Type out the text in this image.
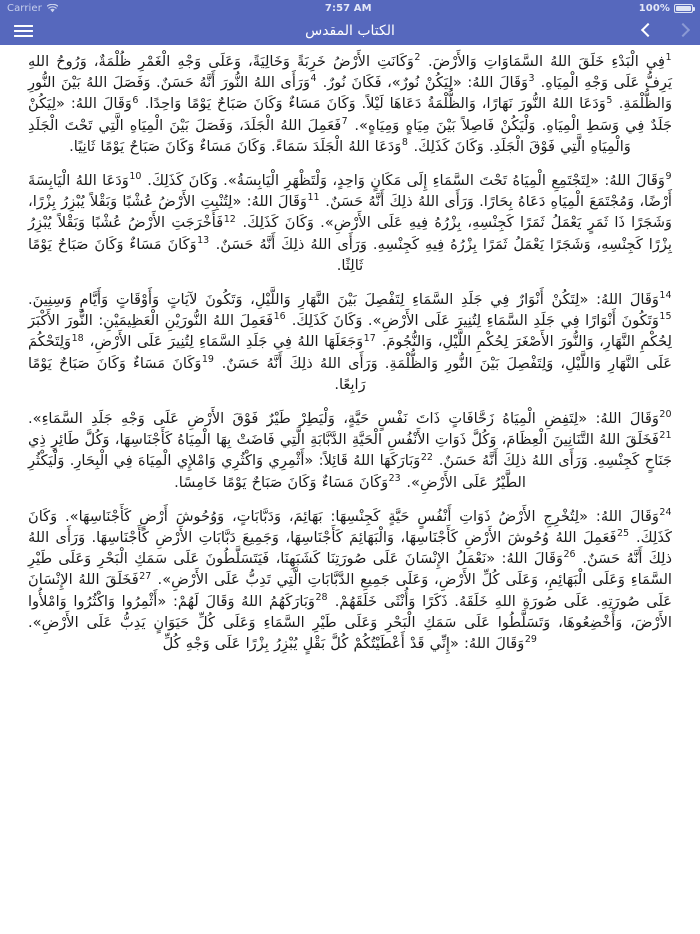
Carrier	7:57 AM	100%
الكتاب المقدس

$^1$فِي الْبَدْءِ خَلَقَ اللهُ السَّمَاوَاتِ وَالأَرْضَ. $^2$وَكَانَتِ الأَرْضُ خَرِبَةً وَخَالِيَةً، وَعَلَى وَجْهِ الْغَمْرِ ظُلْمَةٌ، وَرُوحُ اللهِ يَرِفُّ عَلَى وَجْهِ الْمِيَاهِ. $^3$وَقَالَ اللهُ: «لِيَكُنْ نُورٌ»، فَكَانَ نُورٌ. $^4$وَرَأَى اللهُ النُّورَ أَنَّهُ حَسَنٌ. وَفَصَلَ اللهُ بَيْنَ النُّورِ وَالظُّلْمَةِ. $^5$وَدَعَا اللهُ النُّورَ نَهَارًا، وَالظُّلْمَةُ دَعَاهَا لَيْلاً. وَكَانَ مَسَاءٌ وَكَانَ صَبَاحٌ يَوْمًا وَاحِدًا. $^6$وَقَالَ اللهُ: «لِيَكُنْ جَلَدٌ فِي وَسَطِ الْمِيَاهِ. وَلْيَكُنْ فَاصِلاً بَيْنَ مِيَاهٍ وَمِيَاهٍ». $^7$فَعَمِلَ اللهُ الْجَلَدَ، وَفَصَلَ بَيْنَ الْمِيَاهِ الَّتِي تَحْتَ الْجَلَدِ وَالْمِيَاهِ الَّتِي فَوْقَ الْجَلَدِ. وَكَانَ كَذَلِكَ. $^8$وَدَعَا اللهُ الْجَلَدَ سَمَاءً. وَكَانَ مَسَاءٌ وَكَانَ صَبَاحٌ يَوْمًا ثَانِيًا.

$^9$وَقَالَ اللهُ: «لِتَجْتَمِعِ الْمِيَاهُ تَحْتَ السَّمَاءِ إِلَى مَكَانٍ وَاحِدٍ، وَلْتَظْهَرِ الْيَابِسَةُ». وَكَانَ كَذَلِكَ. $^{10}$وَدَعَا اللهُ الْيَابِسَةَ أَرْضًا، وَمُجْتَمَعَ الْمِيَاهِ دَعَاهُ بِحَارًا. وَرَأَى اللهُ ذلِكَ أَنَّهُ حَسَنٌ. $^{11}$وَقَالَ اللهُ: «لِتُنْبِتِ الأَرْضُ عُشْبًا وَبَقْلاً يُبْزِرُ بِزْرًا، وَشَجَرًا ذَا ثَمَرٍ يَعْمَلُ ثَمَرًا كَجِنْسِهِ، بِزْرُهُ فِيهِ عَلَى الأَرْضِ». وَكَانَ كَذَلِكَ. $^{12}$فَأَخْرَجَتِ الأَرْضُ عُشْبًا وَبَقْلاً يُبْزِرُ بِزْرًا كَجِنْسِهِ، وَشَجَرًا يَعْمَلُ ثَمَرًا بِزْرُهُ فِيهِ كَجِنْسِهِ. وَرَأَى اللهُ ذلِكَ أَنَّهُ حَسَنٌ. $^{13}$وَكَانَ مَسَاءٌ وَكَانَ صَبَاحٌ يَوْمًا ثَالِثًا.

$^{14}$وَقَالَ اللهُ: «لِتَكُنْ أَنْوَارٌ فِي جَلَدِ السَّمَاءِ لِتَفْصِلَ بَيْنَ النَّهَارِ وَاللَّيْلِ، وَتَكُونَ لآيَاتٍ وَأَوْقَاتٍ وَأَيَّامٍ وَسِنِينَ. $^{15}$وَتَكُونَ أَنْوَارًا فِي جَلَدِ السَّمَاءِ لِتُنِيرَ عَلَى الأَرْضِ». وَكَانَ كَذَلِكَ. $^{16}$فَعَمِلَ اللهُ النُّورَيْنِ الْعَظِيمَيْنِ: النُّورَ الأَكْبَرَ لِحُكْمِ النَّهَارِ، وَالنُّورَ الأَصْغَرَ لِحُكْمِ اللَّيْلِ، وَالنُّجُومَ. $^{17}$وَجَعَلَهَا اللهُ فِي جَلَدِ السَّمَاءِ لِتُنِيرَ عَلَى الأَرْضِ، $^{18}$وَلِتَحْكُمَ عَلَى النَّهَارِ وَاللَّيْلِ، وَلِتَفْصِلَ بَيْنَ النُّورِ وَالظُّلْمَةِ. وَرَأَى اللهُ ذلِكَ أَنَّهُ حَسَنٌ. $^{19}$وَكَانَ مَسَاءٌ وَكَانَ صَبَاحٌ يَوْمًا رَابِعًا.

$^{20}$وَقَالَ اللهُ: «لِتَفِضِ الْمِيَاهُ زَحَّافَاتٍ ذَاتَ نَفْسٍ حَيَّةٍ، وَلْيَطِرْ طَيْرٌ فَوْقَ الأَرْضِ عَلَى وَجْهِ جَلَدِ السَّمَاءِ». $^{21}$فَخَلَقَ اللهُ التَّنَانِينَ الْعِظَامَ، وَكُلَّ ذَوَاتِ الأَنْفُسِ الْحَيَّةِ الدَّبَّابَةِ الَّتِي فَاضَتْ بِهَا الْمِيَاهُ كَأَجْنَاسِهَا، وَكُلَّ طَائِرٍ ذِي جَنَاحٍ كَجِنْسِهِ. وَرَأَى اللهُ ذلِكَ أَنَّهُ حَسَنٌ. $^{22}$وَبَارَكَهَا اللهُ قَائِلاً: «أَثْمِرِي وَاكْثُرِي وَامْلإِي الْمِيَاهَ فِي الْبِحَارِ. وَلْيَكْثُرِ الطَّيْرُ عَلَى الأَرْضِ». $^{23}$وَكَانَ مَسَاءٌ وَكَانَ صَبَاحٌ يَوْمًا خَامِسًا.

$^{24}$وَقَالَ اللهُ: «لِتُخْرِجِ الأَرْضُ ذَوَاتِ أَنْفُسٍ حَيَّةٍ كَجِنْسِهَا: بَهَائِمَ، وَدَبَّابَاتٍ، وَوُحُوشَ أَرْضٍ كَأَجْنَاسِهَا». وَكَانَ كَذَلِكَ. $^{25}$فَعَمِلَ اللهُ وُحُوشَ الأَرْضِ كَأَجْنَاسِهَا، وَالْبَهَائِمَ كَأَجْنَاسِهَا، وَجَمِيعَ دَبَّابَاتِ الأَرْضِ كَأَجْنَاسِهَا. وَرَأَى اللهُ ذلِكَ أَنَّهُ حَسَنٌ. $^{26}$وَقَالَ اللهُ: «نَعْمَلُ الإِنْسَانَ عَلَى صُورَتِنَا كَشَبَهِنَا، فَيَتَسَلَّطُونَ عَلَى سَمَكِ الْبَحْرِ وَعَلَى طَيْرِ السَّمَاءِ وَعَلَى الْبَهَائِمِ، وَعَلَى كُلِّ الأَرْضِ، وَعَلَى جَمِيعِ الدَّبَّابَاتِ الَّتِي تَدِبُّ عَلَى الأَرْضِ». $^{27}$فَخَلَقَ اللهُ الإِنْسَانَ عَلَى صُورَتِهِ. عَلَى صُورَةِ اللهِ خَلَقَهُ. ذَكَرًا وَأُنْثَى خَلَقَهُمْ. $^{28}$وَبَارَكَهُمُ اللهُ وَقَالَ لَهُمْ: «أَثْمِرُوا وَاكْثُرُوا وَامْلأُوا الأَرْضَ، وَأَخْضِعُوهَا، وَتَسَلَّطُوا عَلَى سَمَكِ الْبَحْرِ وَعَلَى طَيْرِ السَّمَاءِ وَعَلَى كُلِّ حَيَوَانٍ يَدِبُّ عَلَى الأَرْضِ». $^{29}$وَقَالَ اللهُ: «إِنِّي قَدْ أَعْطَيْتُكُمْ كُلَّ بَقْلٍ يُبْزِرُ بِزْرًا عَلَى وَجْهِ كُلِّ
